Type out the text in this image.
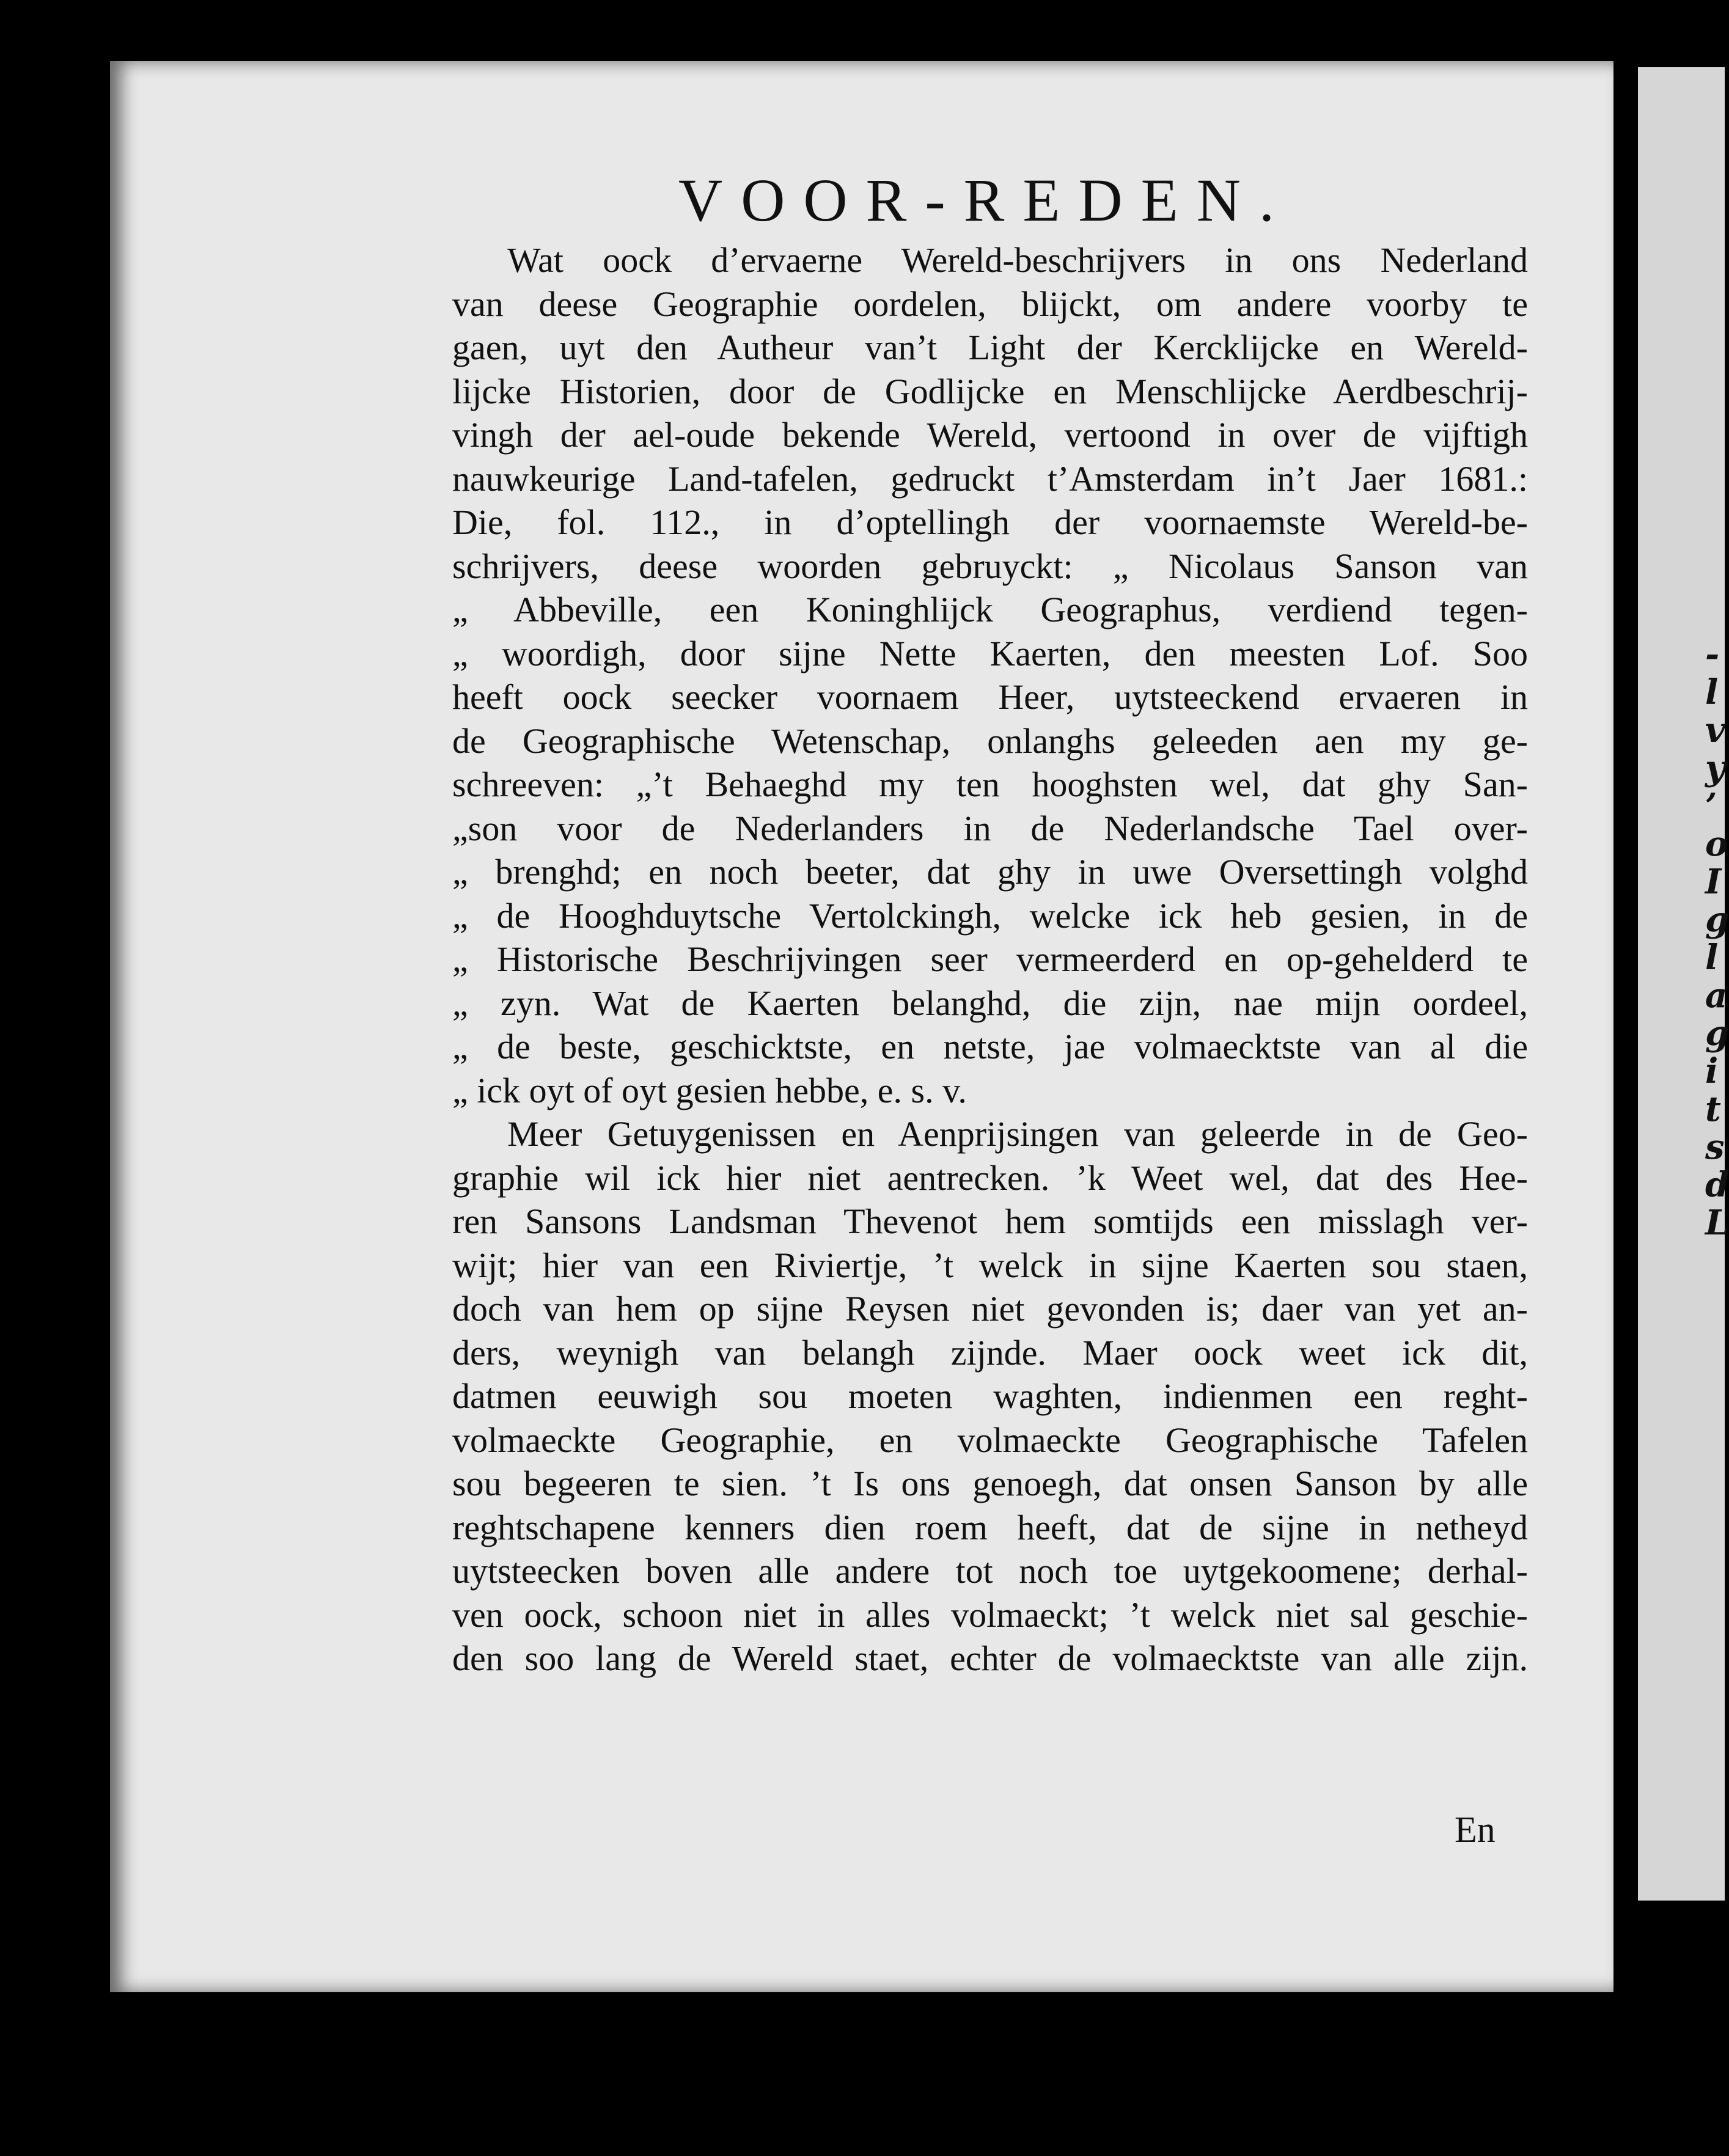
-
l
v
y
’
o
I
g
l
a
g
i
t
s
d
L
VOOR-REDEN.
Wat oock d’ervaerne Wereld-beschrijvers in ons Nederland
van deese Geographie oordelen, blijckt, om andere voorby te
gaen, uyt den Autheur van’t Light der Kercklijcke en Wereld-
lijcke Historien, door de Godlijcke en Menschlijcke Aerdbeschrij-
vingh der ael-oude bekende Wereld, vertoond in over de vijftigh
nauwkeurige Land-tafelen, gedruckt t’Amsterdam in’t Jaer 1681.:
Die, fol. 112., in d’optellingh der voornaemste Wereld-be-
schrijvers, deese woorden gebruyckt: „ Nicolaus Sanson van
„ Abbeville, een Koninghlijck Geographus, verdiend tegen-
„ woordigh, door sijne Nette Kaerten, den meesten Lof. Soo
heeft oock seecker voornaem Heer, uytsteeckend ervaeren in
de Geographische Wetenschap, onlanghs geleeden aen my ge-
schreeven: „’t Behaeghd my ten hooghsten wel, dat ghy San-
„son voor de Nederlanders in de Nederlandsche Tael over-
„ brenghd; en noch beeter, dat ghy in uwe Oversettingh volghd
„ de Hooghduytsche Vertolckingh, welcke ick heb gesien, in de
„ Historische Beschrijvingen seer vermeerderd en op-gehelderd te
„ zyn. Wat de Kaerten belanghd, die zijn, nae mijn oordeel,
„ de beste, geschicktste, en netste, jae volmaecktste van al die
„ ick oyt of oyt gesien hebbe, e. s. v.
Meer Getuygenissen en Aenprijsingen van geleerde in de Geo-
graphie wil ick hier niet aentrecken. ’k Weet wel, dat des Hee-
ren Sansons Landsman Thevenot hem somtijds een misslagh ver-
wijt; hier van een Riviertje, ’t welck in sijne Kaerten sou staen,
doch van hem op sijne Reysen niet gevonden is; daer van yet an-
ders, weynigh van belangh zijnde. Maer oock weet ick dit,
datmen eeuwigh sou moeten waghten, indienmen een reght-
volmaeckte Geographie, en volmaeckte Geographische Tafelen
sou begeeren te sien. ’t Is ons genoegh, dat onsen Sanson by alle
reghtschapene kenners dien roem heeft, dat de sijne in netheyd
uytsteecken boven alle andere tot noch toe uytgekoomene; derhal-
ven oock, schoon niet in alles volmaeckt; ’t welck niet sal geschie-
den soo lang de Wereld staet, echter de volmaecktste van alle zijn.
En
